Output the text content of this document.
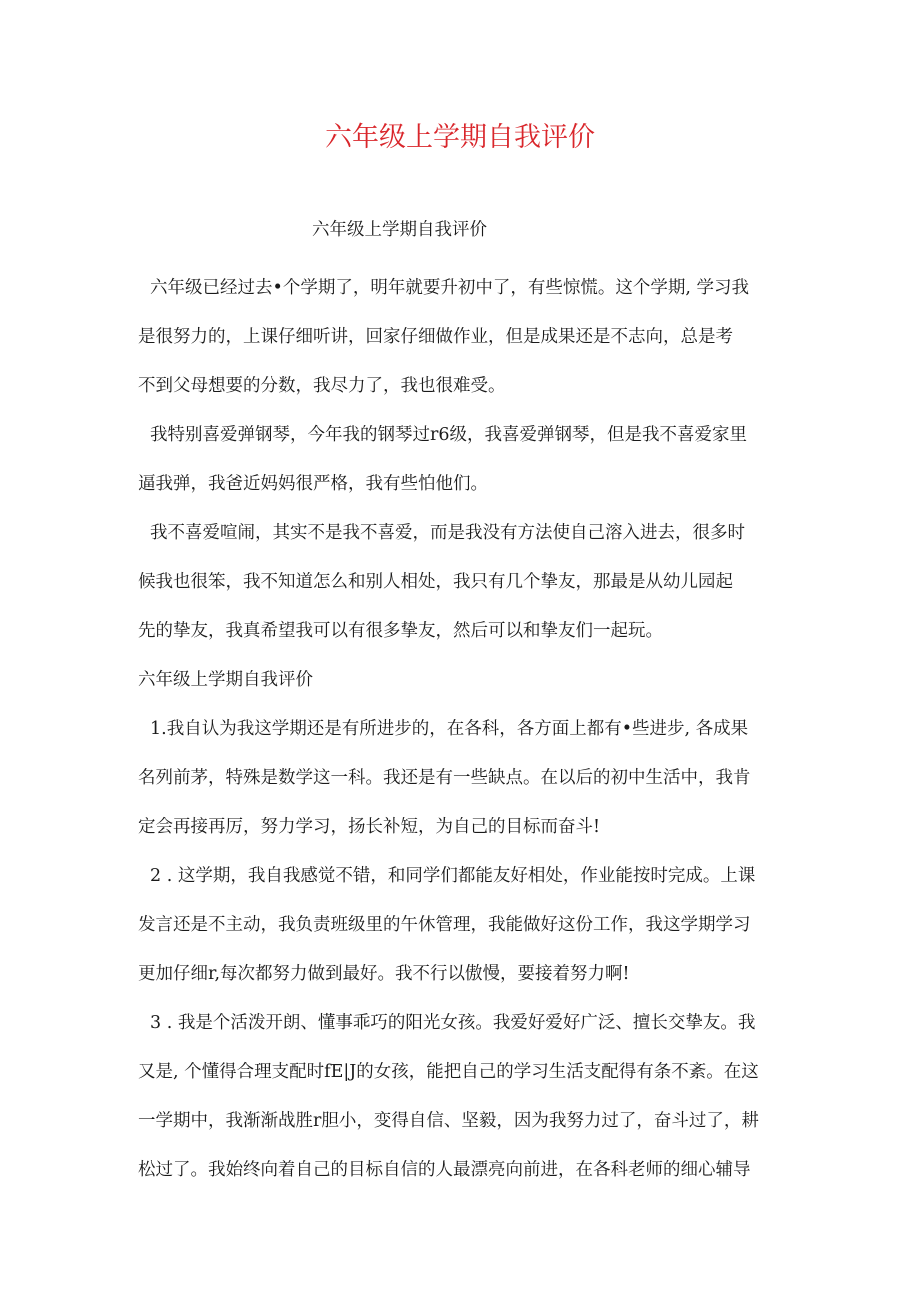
六年级上学期自我评价

六年级上学期自我评价

六年级已经过去•个学期了，明年就要升初中了，有些惊慌。这个学期, 学习我
是很努力的，上课仔细听讲，回家仔细做作业，但是成果还是不志向，总是考
不到父母想要的分数，我尽力了，我也很难受。
我特别喜爱弹钢琴，今年我的钢琴过r6级，我喜爱弹钢琴，但是我不喜爱家里
逼我弹，我爸近妈妈很严格，我有些怕他们。
我不喜爱喧闹，其实不是我不喜爱，而是我没有方法使自己溶入进去，很多时
候我也很笨，我不知道怎么和别人相处，我只有几个挚友，那最是从幼儿园起
先的挚友，我真希望我可以有很多挚友，然后可以和挚友们一起玩。

六年级上学期自我评价

1.我自认为我这学期还是有所进步的，在各科，各方面上都有•些进步, 各成果
名列前茅，特殊是数学这一科。我还是有一些缺点。在以后的初中生活中，我肯
定会再接再厉，努力学习，扬长补短，为自己的目标而奋斗!
2 . 这学期，我自我感觉不错，和同学们都能友好相处，作业能按时完成。上课
发言还是不主动，我负责班级里的午休管理，我能做好这份工作，我这学期学习
更加仔细r,每次都努力做到最好。我不行以傲慢，要接着努力啊!
3 . 我是个活泼开朗、懂事乖巧的阳光女孩。我爱好爱好广泛、擅长交挚友。我
又是, 个懂得合理支配时fE|J的女孩，能把自己的学习生活支配得有条不紊。在这
一学期中，我渐渐战胜r胆小，变得自信、坚毅，因为我努力过了，奋斗过了，耕
松过了。我始终向着自己的目标自信的人最漂亮向前进，在各科老师的细心辅导
